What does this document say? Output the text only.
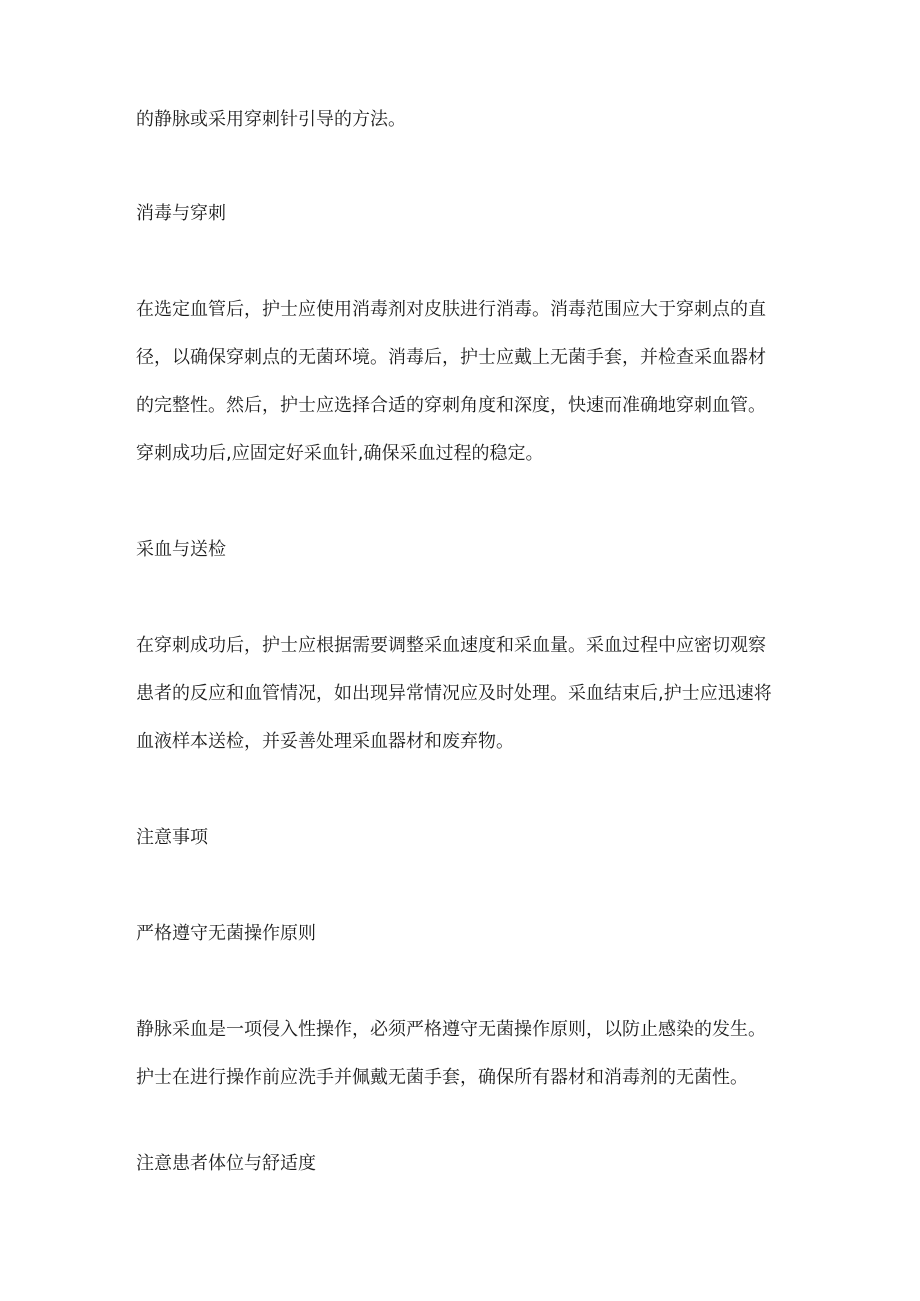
的静脉或采用穿刺针引导的方法。
消毒与穿刺
在选定血管后，护士应使用消毒剂对皮肤进行消毒。消毒范围应大于穿刺点的直
径，以确保穿刺点的无菌环境。消毒后，护士应戴上无菌手套，并检查采血器材
的完整性。然后，护士应选择合适的穿刺角度和深度，快速而准确地穿刺血管。
穿刺成功后,应固定好采血针,确保采血过程的稳定。
采血与送检
在穿刺成功后，护士应根据需要调整采血速度和采血量。采血过程中应密切观察
患者的反应和血管情况，如出现异常情况应及时处理。采血结束后,护士应迅速将
血液样本送检，并妥善处理采血器材和废弃物。
注意事项
严格遵守无菌操作原则
静脉采血是一项侵入性操作，必须严格遵守无菌操作原则，以防止感染的发生。
护士在进行操作前应洗手并佩戴无菌手套，确保所有器材和消毒剂的无菌性。
注意患者体位与舒适度
